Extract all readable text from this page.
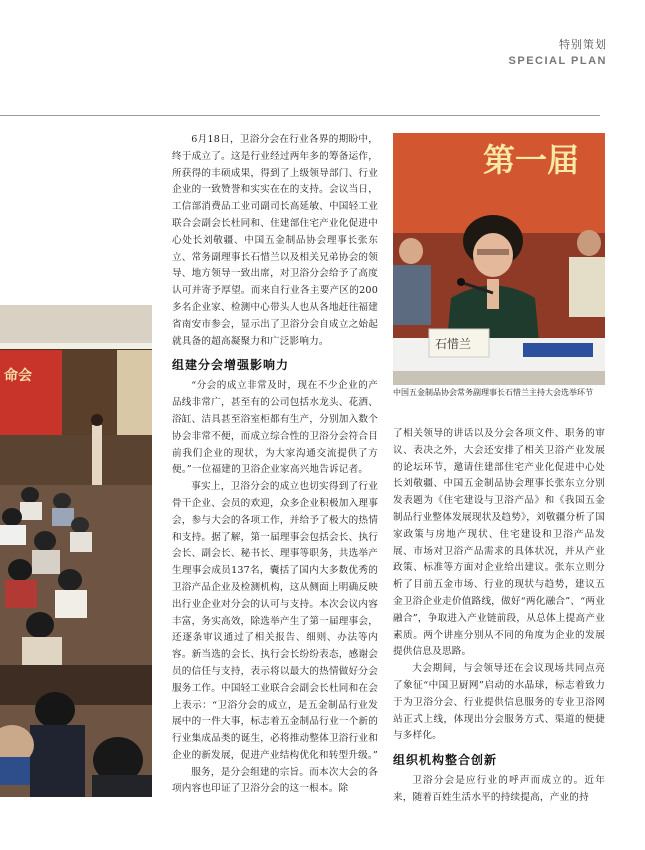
特别策划
SPECIAL PLAN
命会
第一届
石惜兰
中国五金制品协会常务副理事长石惜兰主持大会选举环节

6月18日，卫浴分会在行业各界的期盼中，终于成立了。这是行业经过两年多的筹备运作，所获得的丰硕成果，得到了上级领导部门、行业企业的一致赞誉和实实在在的支持。会议当日，工信部消费品工业司副司长高延敏、中国轻工业联合会副会长杜同和、住建部住宅产业化促进中心处长刘敬疆、中国五金制品协会理事长张东立、常务副理事长石惜兰以及相关兄弟协会的领导、地方领导一致出席，对卫浴分会给予了高度认可并寄予厚望。而来自行业各主要产区的200多名企业家、检测中心带头人也从各地赶往福建省南安市参会，显示出了卫浴分会自成立之始起就具备的超高凝聚力和广泛影响力。

组建分会增强影响力

“分会的成立非常及时，现在不少企业的产品线非常广，甚至有的公司包括水龙头、花洒、浴缸、洁具甚至浴室柜都有生产，分别加入数个协会非常不便，而成立综合性的卫浴分会符合目前我们企业的现状，为大家沟通交流提供了方便。”一位福建的卫浴企业家高兴地告诉记者。

事实上，卫浴分会的成立也切实得到了行业骨干企业、会员的欢迎，众多企业积极加入理事会，参与大会的各项工作，并给予了极大的热情和支持。据了解，第一届理事会包括会长、执行会长、副会长、秘书长、理事等职务，共选举产生理事会成员137名，囊括了国内大多数优秀的卫浴产品企业及检测机构，这从侧面上明确反映出行业企业对分会的认可与支持。本次会议内容丰富，务实高效，除选举产生了第一届理事会，还逐条审议通过了相关报告、细则、办法等内容。新当选的会长、执行会长纷纷表态，感谢会员的信任与支持，表示将以最大的热情做好分会服务工作。中国轻工业联合会副会长杜同和在会上表示：“卫浴分会的成立，是五金制品行业发展中的一件大事，标志着五金制品行业一个新的行业集成品类的诞生，必将推动整体卫浴行业和企业的新发展，促进产业结构优化和转型升级。”

服务，是分会组建的宗旨。而本次大会的各项内容也印证了卫浴分会的这一根本。除

了相关领导的讲话以及分会各项文件、职务的审议、表决之外，大会还安排了相关卫浴产业发展的论坛环节，邀请住建部住宅产业化促进中心处长刘敬疆、中国五金制品协会理事长张东立分别发表题为《住宅建设与卫浴产品》和《我国五金制品行业整体发展现状及趋势》，刘敬疆分析了国家政策与房地产现状、住宅建设和卫浴产品发展、市场对卫浴产品需求的具体状况，并从产业政策、标准等方面对企业给出建议。张东立则分析了目前五金市场、行业的现状与趋势，建议五金卫浴企业走价值路线，做好“两化融合”、“两业融合”，争取进入产业链前段，从总体上提高产业素质。两个讲座分别从不同的角度为企业的发展提供信息及思路。

大会期间，与会领导还在会议现场共同点亮了象征“中国卫厨网”启动的水晶球，标志着致力于为卫浴分会、行业提供信息服务的专业卫浴网站正式上线，体现出分会服务方式、渠道的便捷与多样化。

组织机构整合创新

卫浴分会是应行业的呼声而成立的。近年来，随着百姓生活水平的持续提高，产业的持
